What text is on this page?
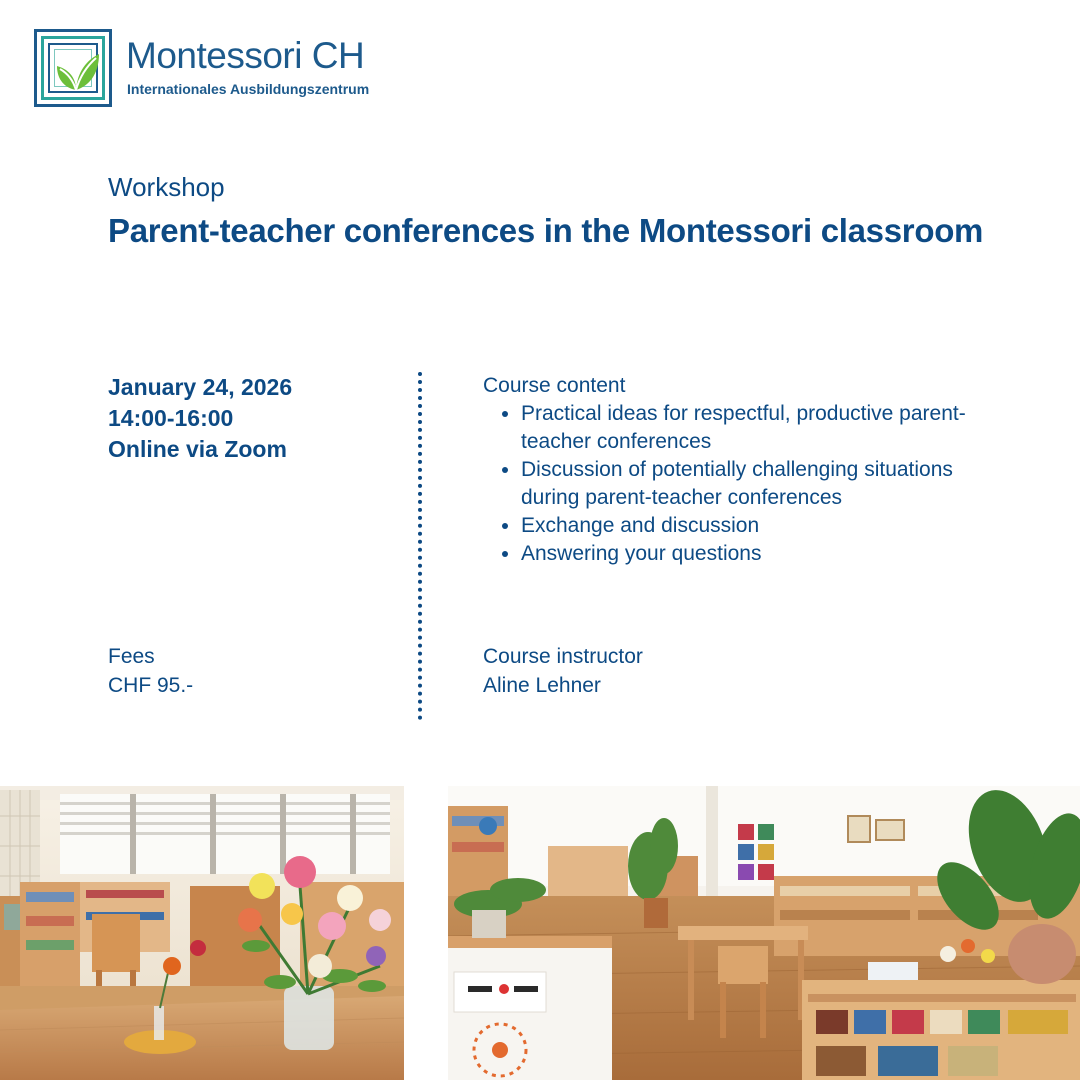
Montessori CH
Internationales Ausbildungszentrum
Workshop
Parent-teacher conferences in the Montessori classroom
January 24, 2026
14:00-16:00
Online via Zoom
Course content
• Practical ideas for respectful, productive parent-teacher conferences
• Discussion of potentially challenging situations during parent-teacher conferences
• Exchange and discussion
• Answering your questions
Fees
CHF 95.-
Course instructor
Aline Lehner
